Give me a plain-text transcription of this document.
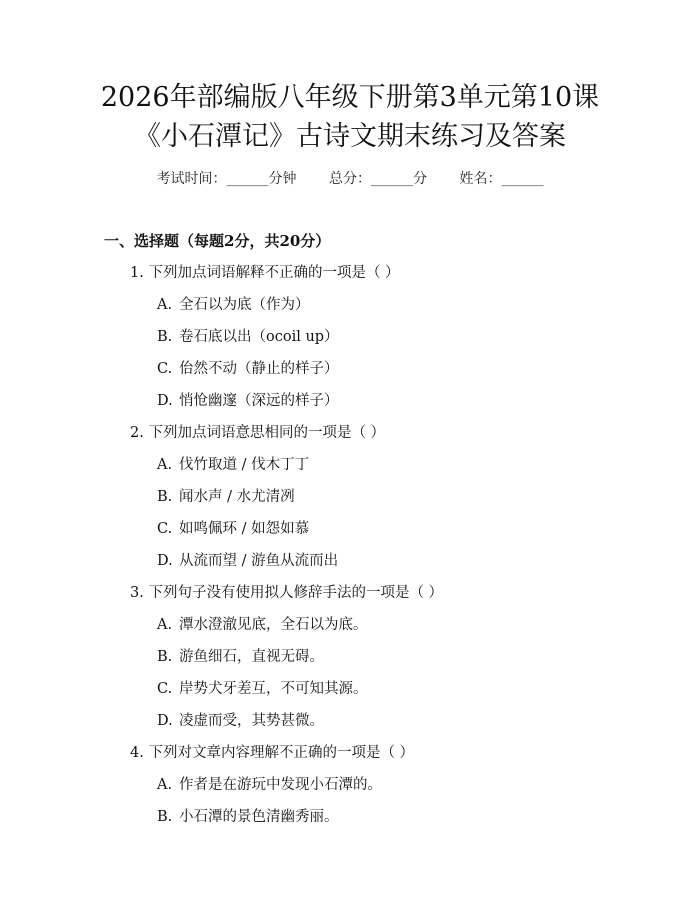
2026年部编版八年级下册第3单元第10课
《小石潭记》古诗文期末练习及答案
考试时间：______分钟 总分：______分 姓名：______
一、选择题（每题2分，共20分）
1. 下列加点词语解释不正确的一项是（ ）
A. 全石以为底（作为）
B. 卷石底以出（ocoil up）
C. 佁然不动（静止的样子）
D. 悄怆幽邃（深远的样子）
2. 下列加点词语意思相同的一项是（ ）
A. 伐竹取道 / 伐木丁丁
B. 闻水声 / 水尤清冽
C. 如鸣佩环 / 如怨如慕
D. 从流而望 / 游鱼从流而出
3. 下列句子没有使用拟人修辞手法的一项是（ ）
A. 潭水澄澈见底，全石以为底。
B. 游鱼细石，直视无碍。
C. 岸势犬牙差互，不可知其源。
D. 凌虚而受，其势甚微。
4. 下列对文章内容理解不正确的一项是（ ）
A. 作者是在游玩中发现小石潭的。
B. 小石潭的景色清幽秀丽。
